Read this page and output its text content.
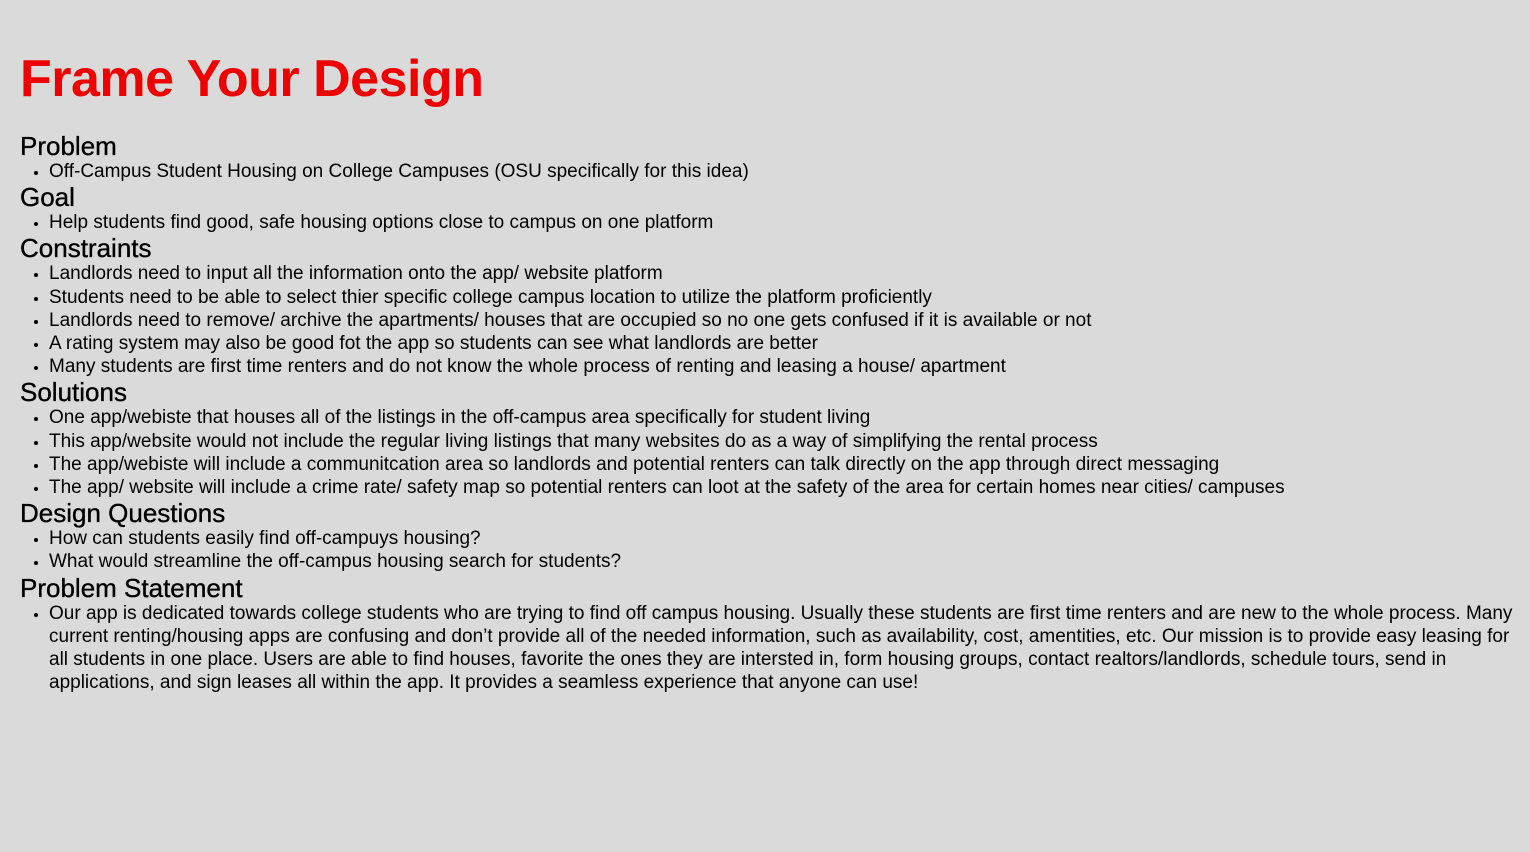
Frame Your Design
Problem
• Off-Campus Student Housing on College Campuses (OSU specifically for this idea)
Goal
• Help students find good, safe housing options close to campus on one platform
Constraints
• Landlords need to input all the information onto the app/ website platform
• Students need to be able to select thier specific college campus location to utilize the platform proficiently
• Landlords need to remove/ archive the apartments/ houses that are occupied so no one gets confused if it is available or not
• A rating system may also be good fot the app so students can see what landlords are better
• Many students are first time renters and do not know the whole process of renting and leasing a house/ apartment
Solutions
• One app/webiste that houses all of the listings in the off-campus area specifically for student living
• This app/website would not include the regular living listings that many websites do as a way of simplifying the rental process
• The app/webiste will include a communitcation area so landlords and potential renters can talk directly on the app through direct messaging
• The app/ website will include a crime rate/ safety map so potential renters can loot at the safety of the area for certain homes near cities/ campuses
Design Questions
• How can students easily find off-campuys housing?
• What would streamline the off-campus housing search for students?
Problem Statement
• Our app is dedicated towards college students who are trying to find off campus housing. Usually these students are first time renters and are new to the whole process. Many current renting/housing apps are confusing and don’t provide all of the needed information, such as availability, cost, amentities, etc. Our mission is to provide easy leasing for all students in one place. Users are able to find houses, favorite the ones they are intersted in, form housing groups, contact realtors/landlords, schedule tours, send in applications, and sign leases all within the app. It provides a seamless experience that anyone can use!
